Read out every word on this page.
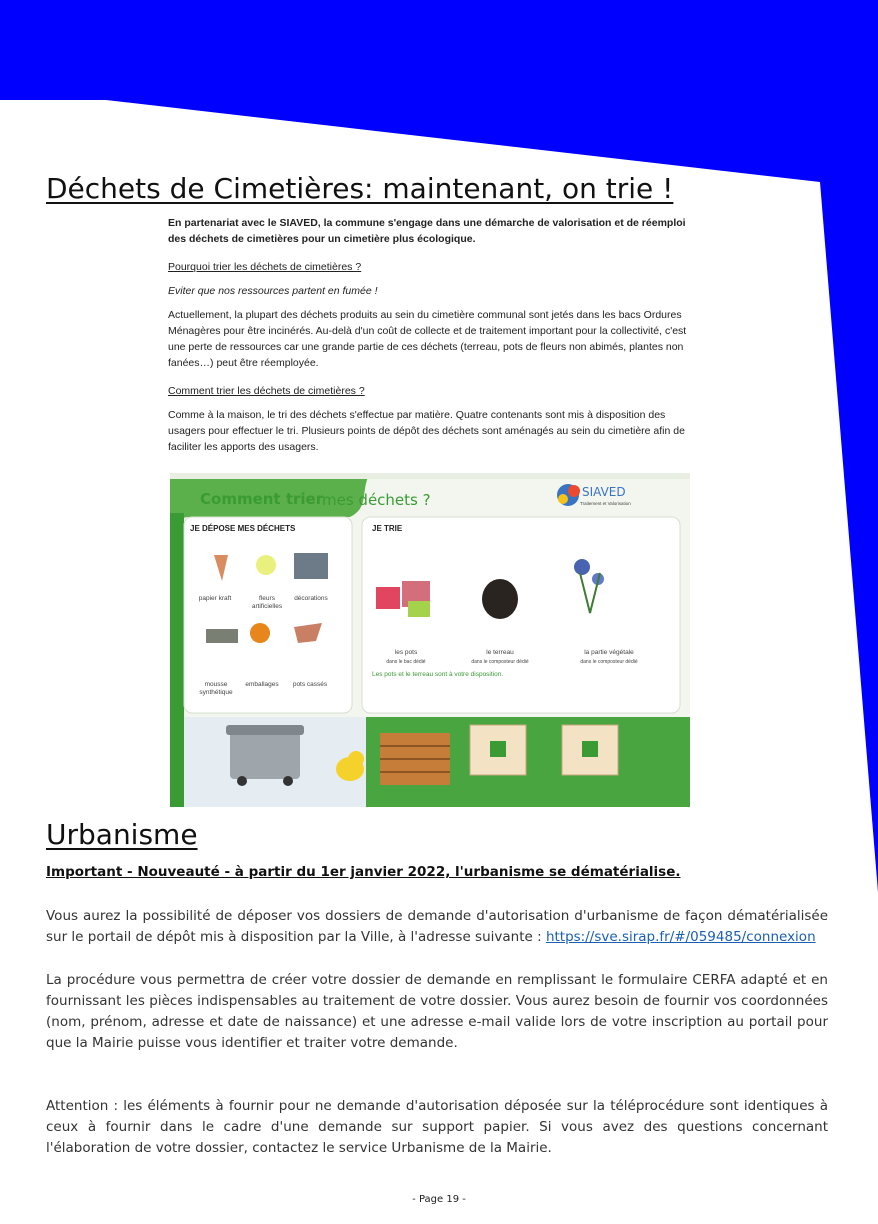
Déchets de Cimetières: maintenant, on trie !

En partenariat avec le SIAVED, la commune s'engage dans une démarche de valorisation et de réemploi des déchets de cimetières pour un cimetière plus écologique.

Pourquoi trier les déchets de cimetières ?

Eviter que nos ressources partent en fumée !

Actuellement, la plupart des déchets produits au sein du cimetière communal sont jetés dans les bacs Ordures Ménagères pour être incinérés. Au-delà d'un coût de collecte et de traitement important pour la collectivité, c'est une perte de ressources car une grande partie de ces déchets (terreau, pots de fleurs non abimés, plantes non fanées…) peut être réemployée.

Comment trier les déchets de cimetières ?

Comme à la maison, le tri des déchets s'effectue par matière. Quatre contenants sont mis à disposition des usagers pour effectuer le tri. Plusieurs points de dépôt des déchets sont aménagés au sein du cimetière afin de faciliter les apports des usagers.

Comment trier
mes déchets ?	SIAVED
Traitement et Valorisation
JE DÉPOSE MES DÉCHETS	JE TRIE
papier kraft	fleurs artificielles
décorations
mousse synthétique
emballages	pots cassés
les pots
dans le bac dédié
le terreau
dans le composteur dédié
la partie végétale
dans le composteur dédié
Les pots et le terreau sont à votre disposition.
Urbanisme
Important - Nouveauté - à partir du 1er janvier 2022, l'urbanisme se dématérialise.
Vous aurez la possibilité de déposer vos dossiers de demande d'autorisation d'urbanisme de façon dématérialisée sur le portail de dépôt mis à disposition par la Ville, à l'adresse suivante : https://sve.sirap.fr/#/059485/connexion
La procédure vous permettra de créer votre dossier de demande en remplissant le formulaire CERFA adapté et en fournissant les pièces indispensables au traitement de votre dossier. Vous aurez besoin de fournir vos coordonnées (nom, prénom, adresse et date de naissance) et une adresse e-mail valide lors de votre inscription au portail pour que la Mairie puisse vous identifier et traiter votre demande.
Attention : les éléments à fournir pour ne demande d'autorisation déposée sur la téléprocédure sont identiques à ceux à fournir dans le cadre d'une demande sur support papier. Si vous avez des questions concernant l'élaboration de votre dossier, contactez le service Urbanisme de la Mairie.
- Page 19 -
